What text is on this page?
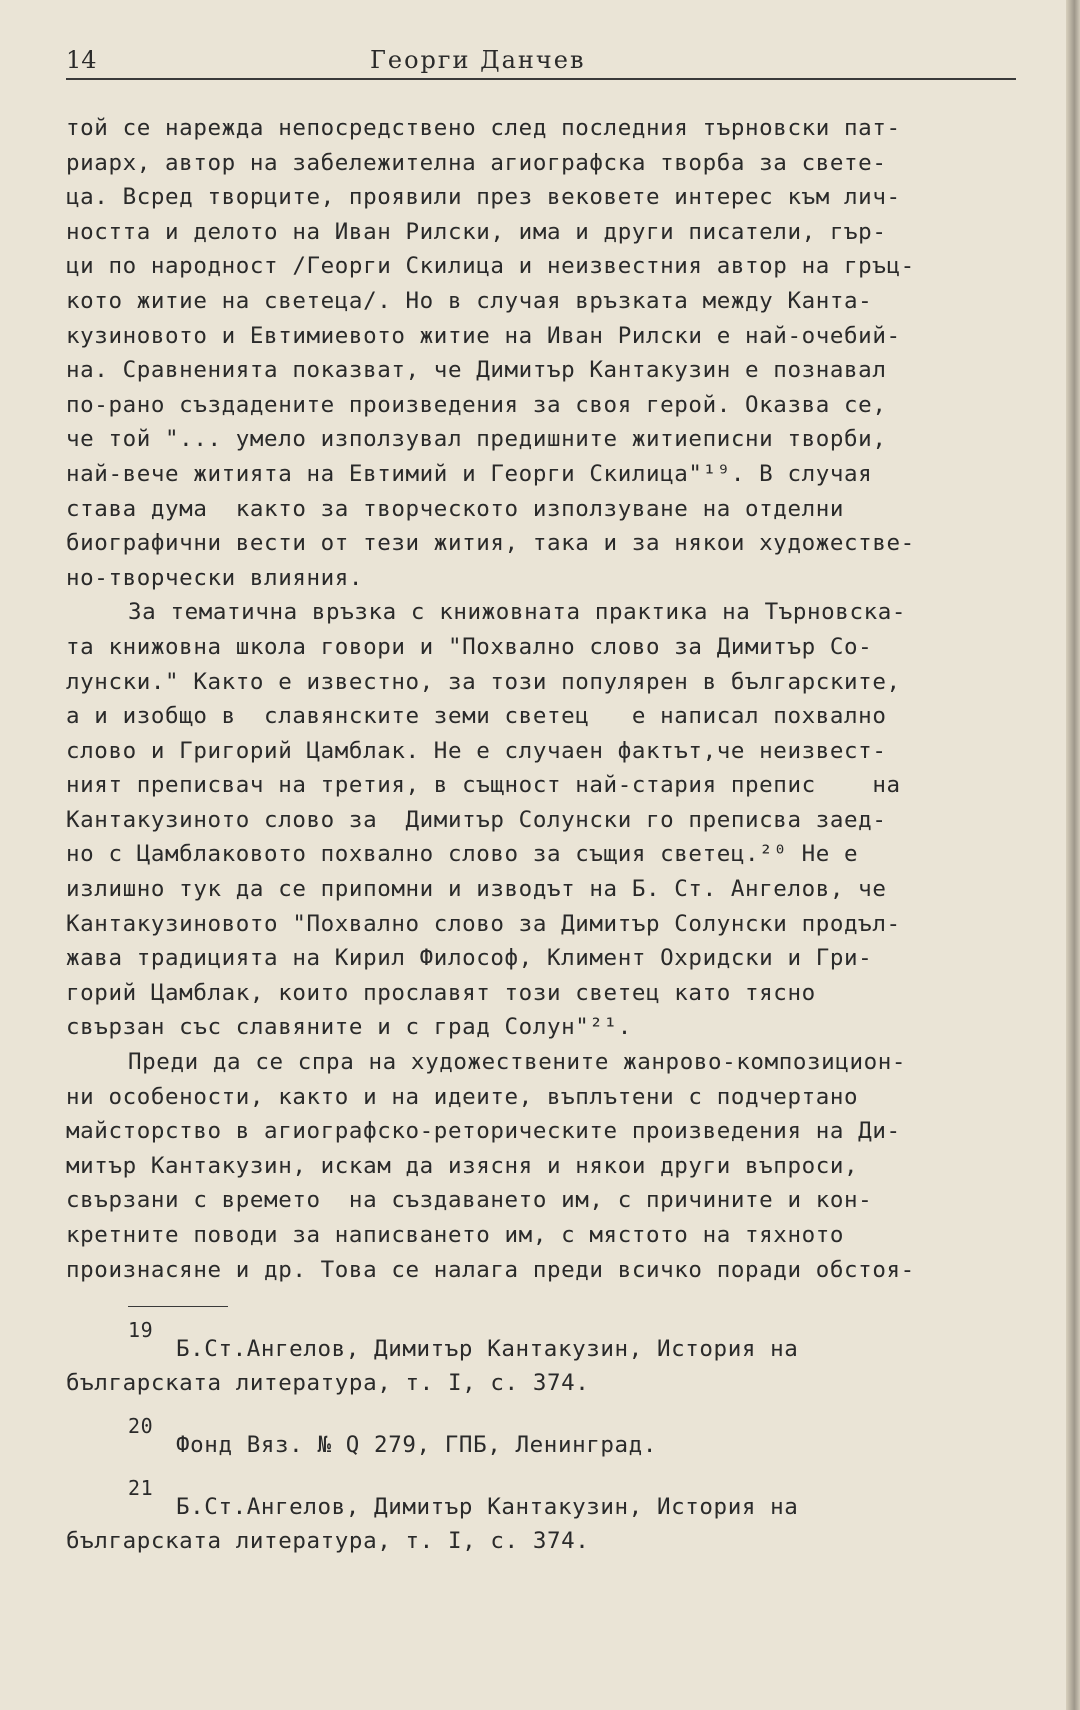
14	Георги Данчев
той се нарежда непосредствено след последния търновски пат-
риарх, автор на забележителна агиографска творба за свете-
ца. Всред творците, проявили през вековете интерес към лич-
ността и делото на Иван Рилски, има и други писатели, гър-
ци по народност /Георги Скилица и неизвестния автор на гръц-
кото житие на светеца/. Но в случая връзката между Канта-
кузиновото и Евтимиевото житие на Иван Рилски е най-очебий-
на. Сравненията показват, че Димитър Кантакузин е познавал
по-рано създадените произведения за своя герой. Оказва се,
че той "... умело използувал предишните житиеписни творби,
най-вече житията на Евтимий и Георги Скилица"¹⁹. В случая
става дума  както за творческото използуване на отделни
биографични вести от тези жития, така и за някои художестве-
но-творчески влияния.
За тематична връзка с книжовната практика на Търновска-
та книжовна школа говори и "Похвално слово за Димитър Со-
лунски." Както е известно, за този популярен в българските,
а и изобщо в  славянските земи светец   е написал похвално
слово и Григорий Цамблак. Не е случаен фактът,че неизвест-
ният преписвач на третия, в същност най-стария препис    на
Кантакузиното слово за  Димитър Солунски го преписва заед-
но с Цамблаковото похвално слово за същия светец.²⁰ Не е
излишно тук да се припомни и изводът на Б. Ст. Ангелов, че
Кантакузиновото "Похвално слово за Димитър Солунски продъл-
жава традицията на Кирил Философ, Климент Охридски и Гри-
горий Цамблак, които прославят този светец като тясно
свързан със славяните и с град Солун"²¹.
Преди да се спра на художествените жанрово-композицион-
ни особености, както и на идеите, въплътени с подчертано
майсторство в агиографско-реторическите произведения на Ди-
митър Кантакузин, искам да изясня и някои други въпроси,
свързани с времето  на създаването им, с причините и кон-
кретните поводи за написването им, с мястото на тяхното
произнасяне и др. Това се налага преди всичко поради обстоя-
19
Б.Ст.Ангелов, Димитър Кантакузин, История на
българската литература, т. I, с. 374.
20
Фонд Вяз. № Q 279, ГПБ, Ленинград.
21
Б.Ст.Ангелов, Димитър Кантакузин, История на
българската литература, т. I, с. 374.
